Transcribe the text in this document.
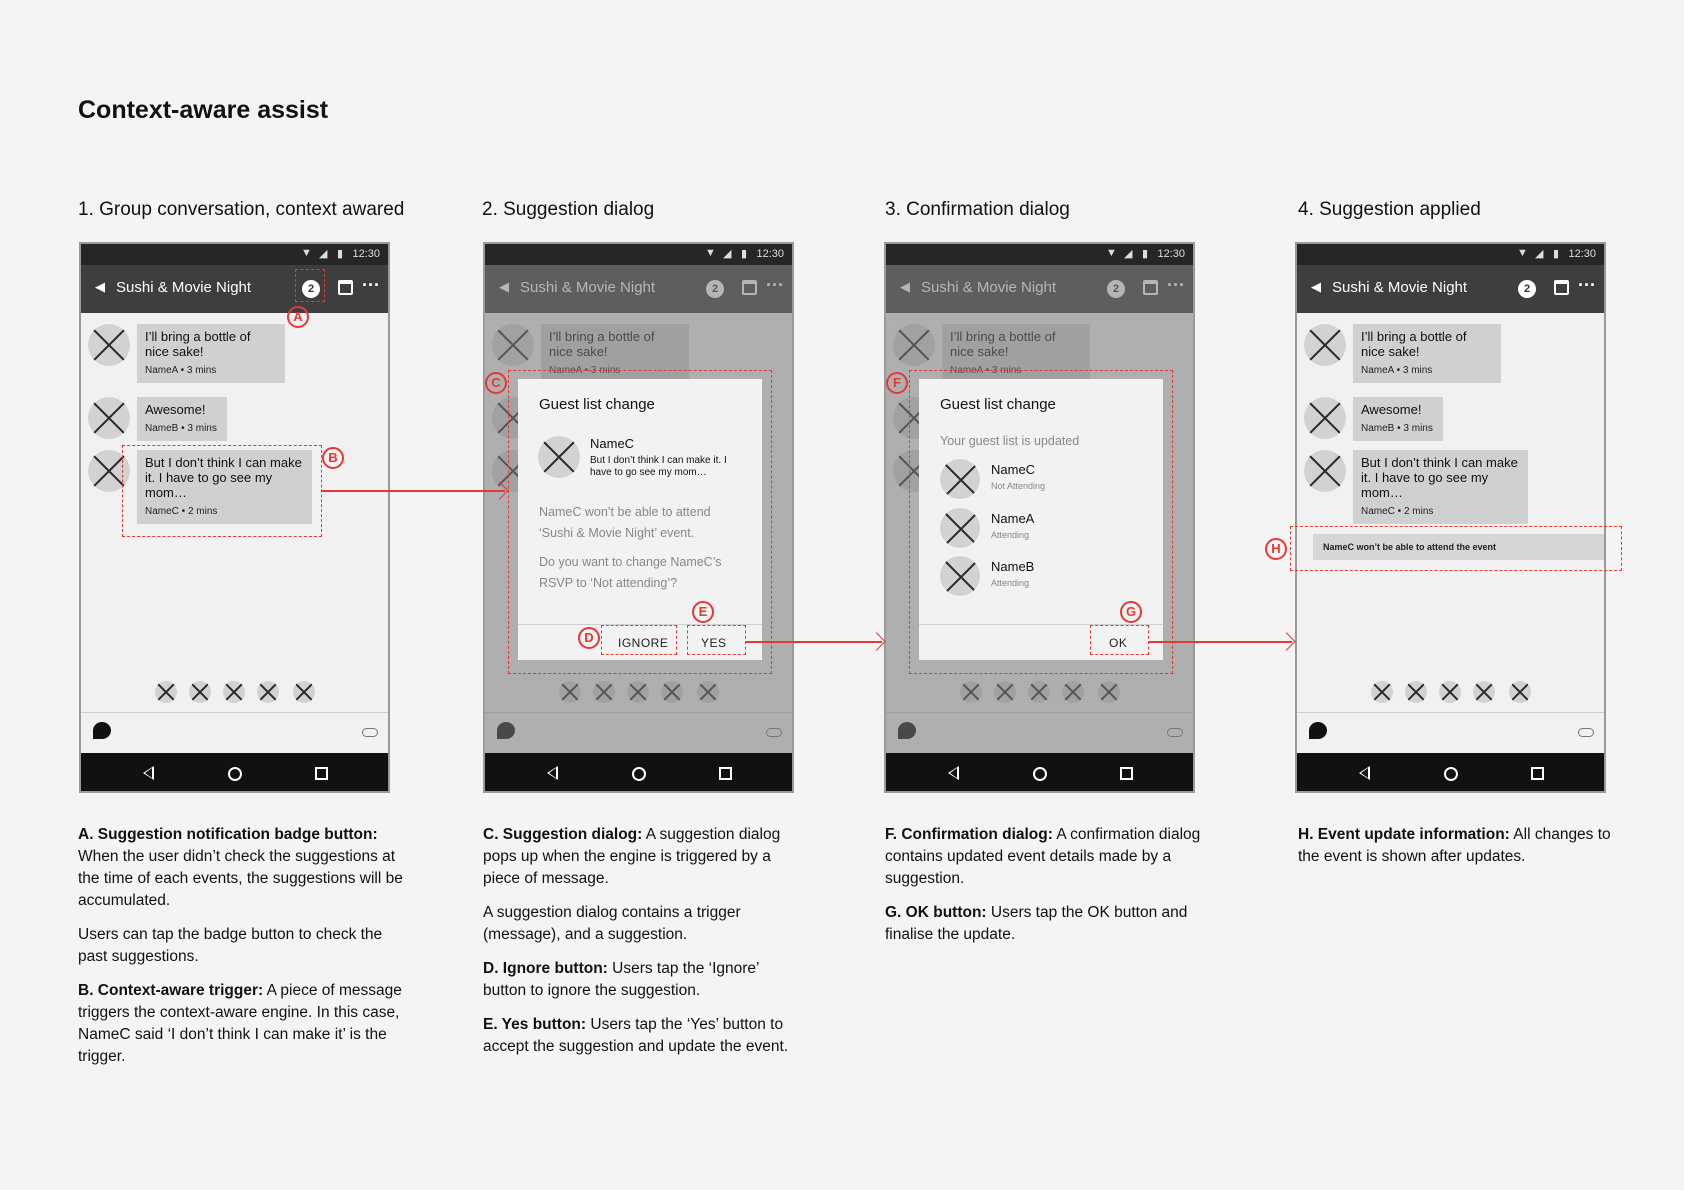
Context-aware assist
1. Group conversation, context awared	2. Suggestion dialog	3. Confirmation dialog	4. Suggestion applied
▼ ◢ ▮ 12:30
◀ Sushi & Movie Night	2	···
I’ll bring a bottle of nice sake!
NameA • 3 mins
Awesome!
NameB • 3 mins
But I don’t think I can make it. I have to go see my mom…
NameC • 2 mins
▼ ◢ ▮ 12:30
Guest list change
NameC
But I don’t think I can make it. I have to go see my mom…
NameC won’t be able to attend ‘Sushi & Movie Night’ event.
Do you want to change NameC’s RSVP to ‘Not attending’?
IGNORE	YES
▼ ◢ ▮ 12:30
Guest list change
Your guest list is updated
NameC
Not Attending
NameA
Attending
NameB
Attending
OK
▼ ◢ ▮ 12:30
◀ Sushi & Movie Night	2	···
I’ll bring a bottle of nice sake!
NameA • 3 mins
Awesome!
NameB • 3 mins
But I don’t think I can make it. I have to go see my mom…
NameC • 2 mins
NameC won’t be able to attend the event
A
B
C
D
E
F
G
H

A. Suggestion notification badge button: When the user didn’t check the suggestions at the time of each events, the suggestions will be accumulated.

Users can tap the badge button to check the past suggestions.

B. Context-aware trigger: A piece of message triggers the context-aware engine. In this case, NameC said ‘I don’t think I can make it’ is the trigger.

C. Suggestion dialog: A suggestion dialog pops up when the engine is triggered by a piece of message.

A suggestion dialog contains a trigger (message), and a suggestion.

D. Ignore button: Users tap the ‘Ignore’ button to ignore the suggestion.

E. Yes button: Users tap the ‘Yes’ button to accept the suggestion and update the event.

F. Confirmation dialog: A confirmation dialog contains updated event details made by a suggestion.

G. OK button: Users tap the OK button and finalise the update.

H. Event update information: All changes to the event is shown after updates.
